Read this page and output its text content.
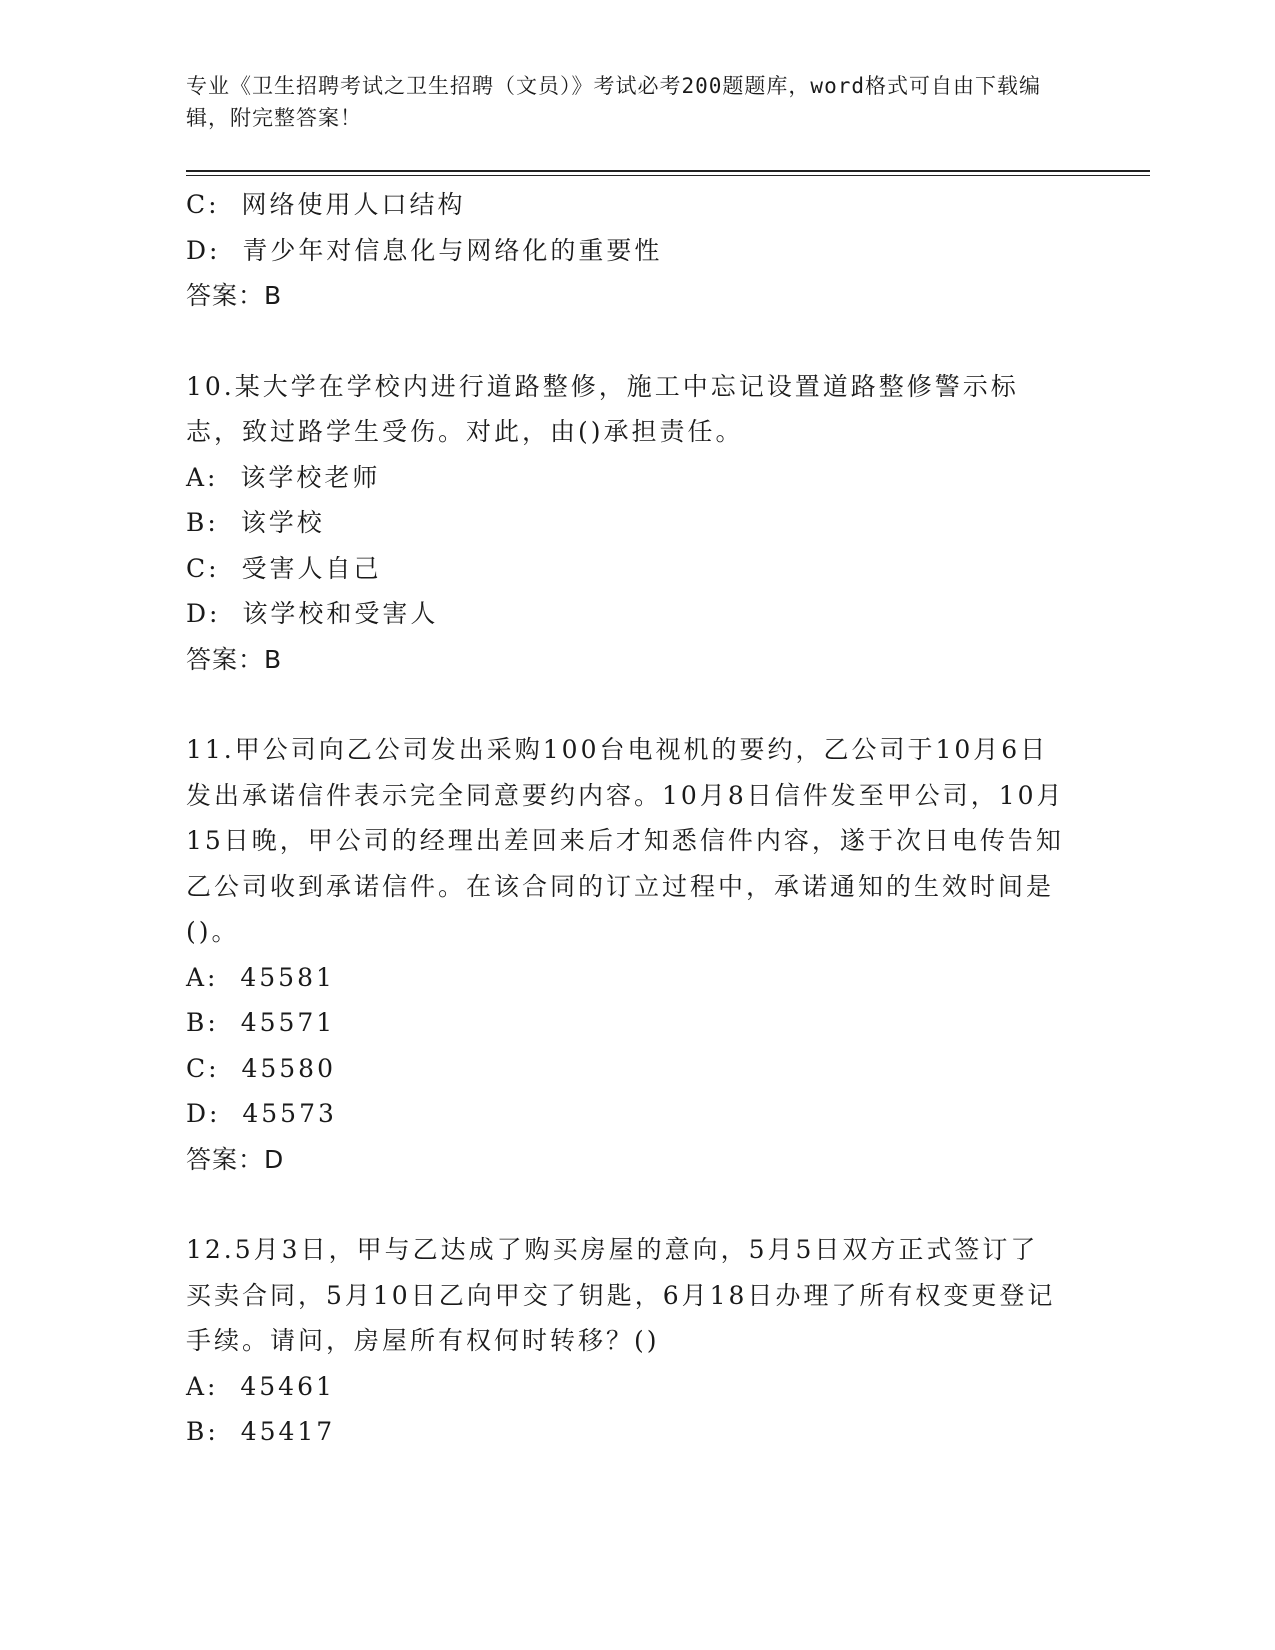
专业《卫生招聘考试之卫生招聘（文员）》考试必考200题题库，word格式可自由下载编辑，附完整答案！

C:  网络使用人口结构

D:  青少年对信息化与网络化的重要性

答案：B

10.某大学在学校内进行道路整修，施工中忘记设置道路整修警示标志，致过路学生受伤。对此，由()承担责任。

A:  该学校老师

B:  该学校

C:  受害人自己

D:  该学校和受害人

答案：B

11.甲公司向乙公司发出采购100台电视机的要约，乙公司于10月6日发出承诺信件表示完全同意要约内容。10月8日信件发至甲公司，10月15日晚，甲公司的经理出差回来后才知悉信件内容，遂于次日电传告知乙公司收到承诺信件。在该合同的订立过程中，承诺通知的生效时间是()。

A:  45581

B:  45571

C:  45580

D:  45573

答案：D

12.5月3日，甲与乙达成了购买房屋的意向，5月5日双方正式签订了买卖合同，5月10日乙向甲交了钥匙，6月18日办理了所有权变更登记手续。请问，房屋所有权何时转移？()

A:  45461

B:  45417
